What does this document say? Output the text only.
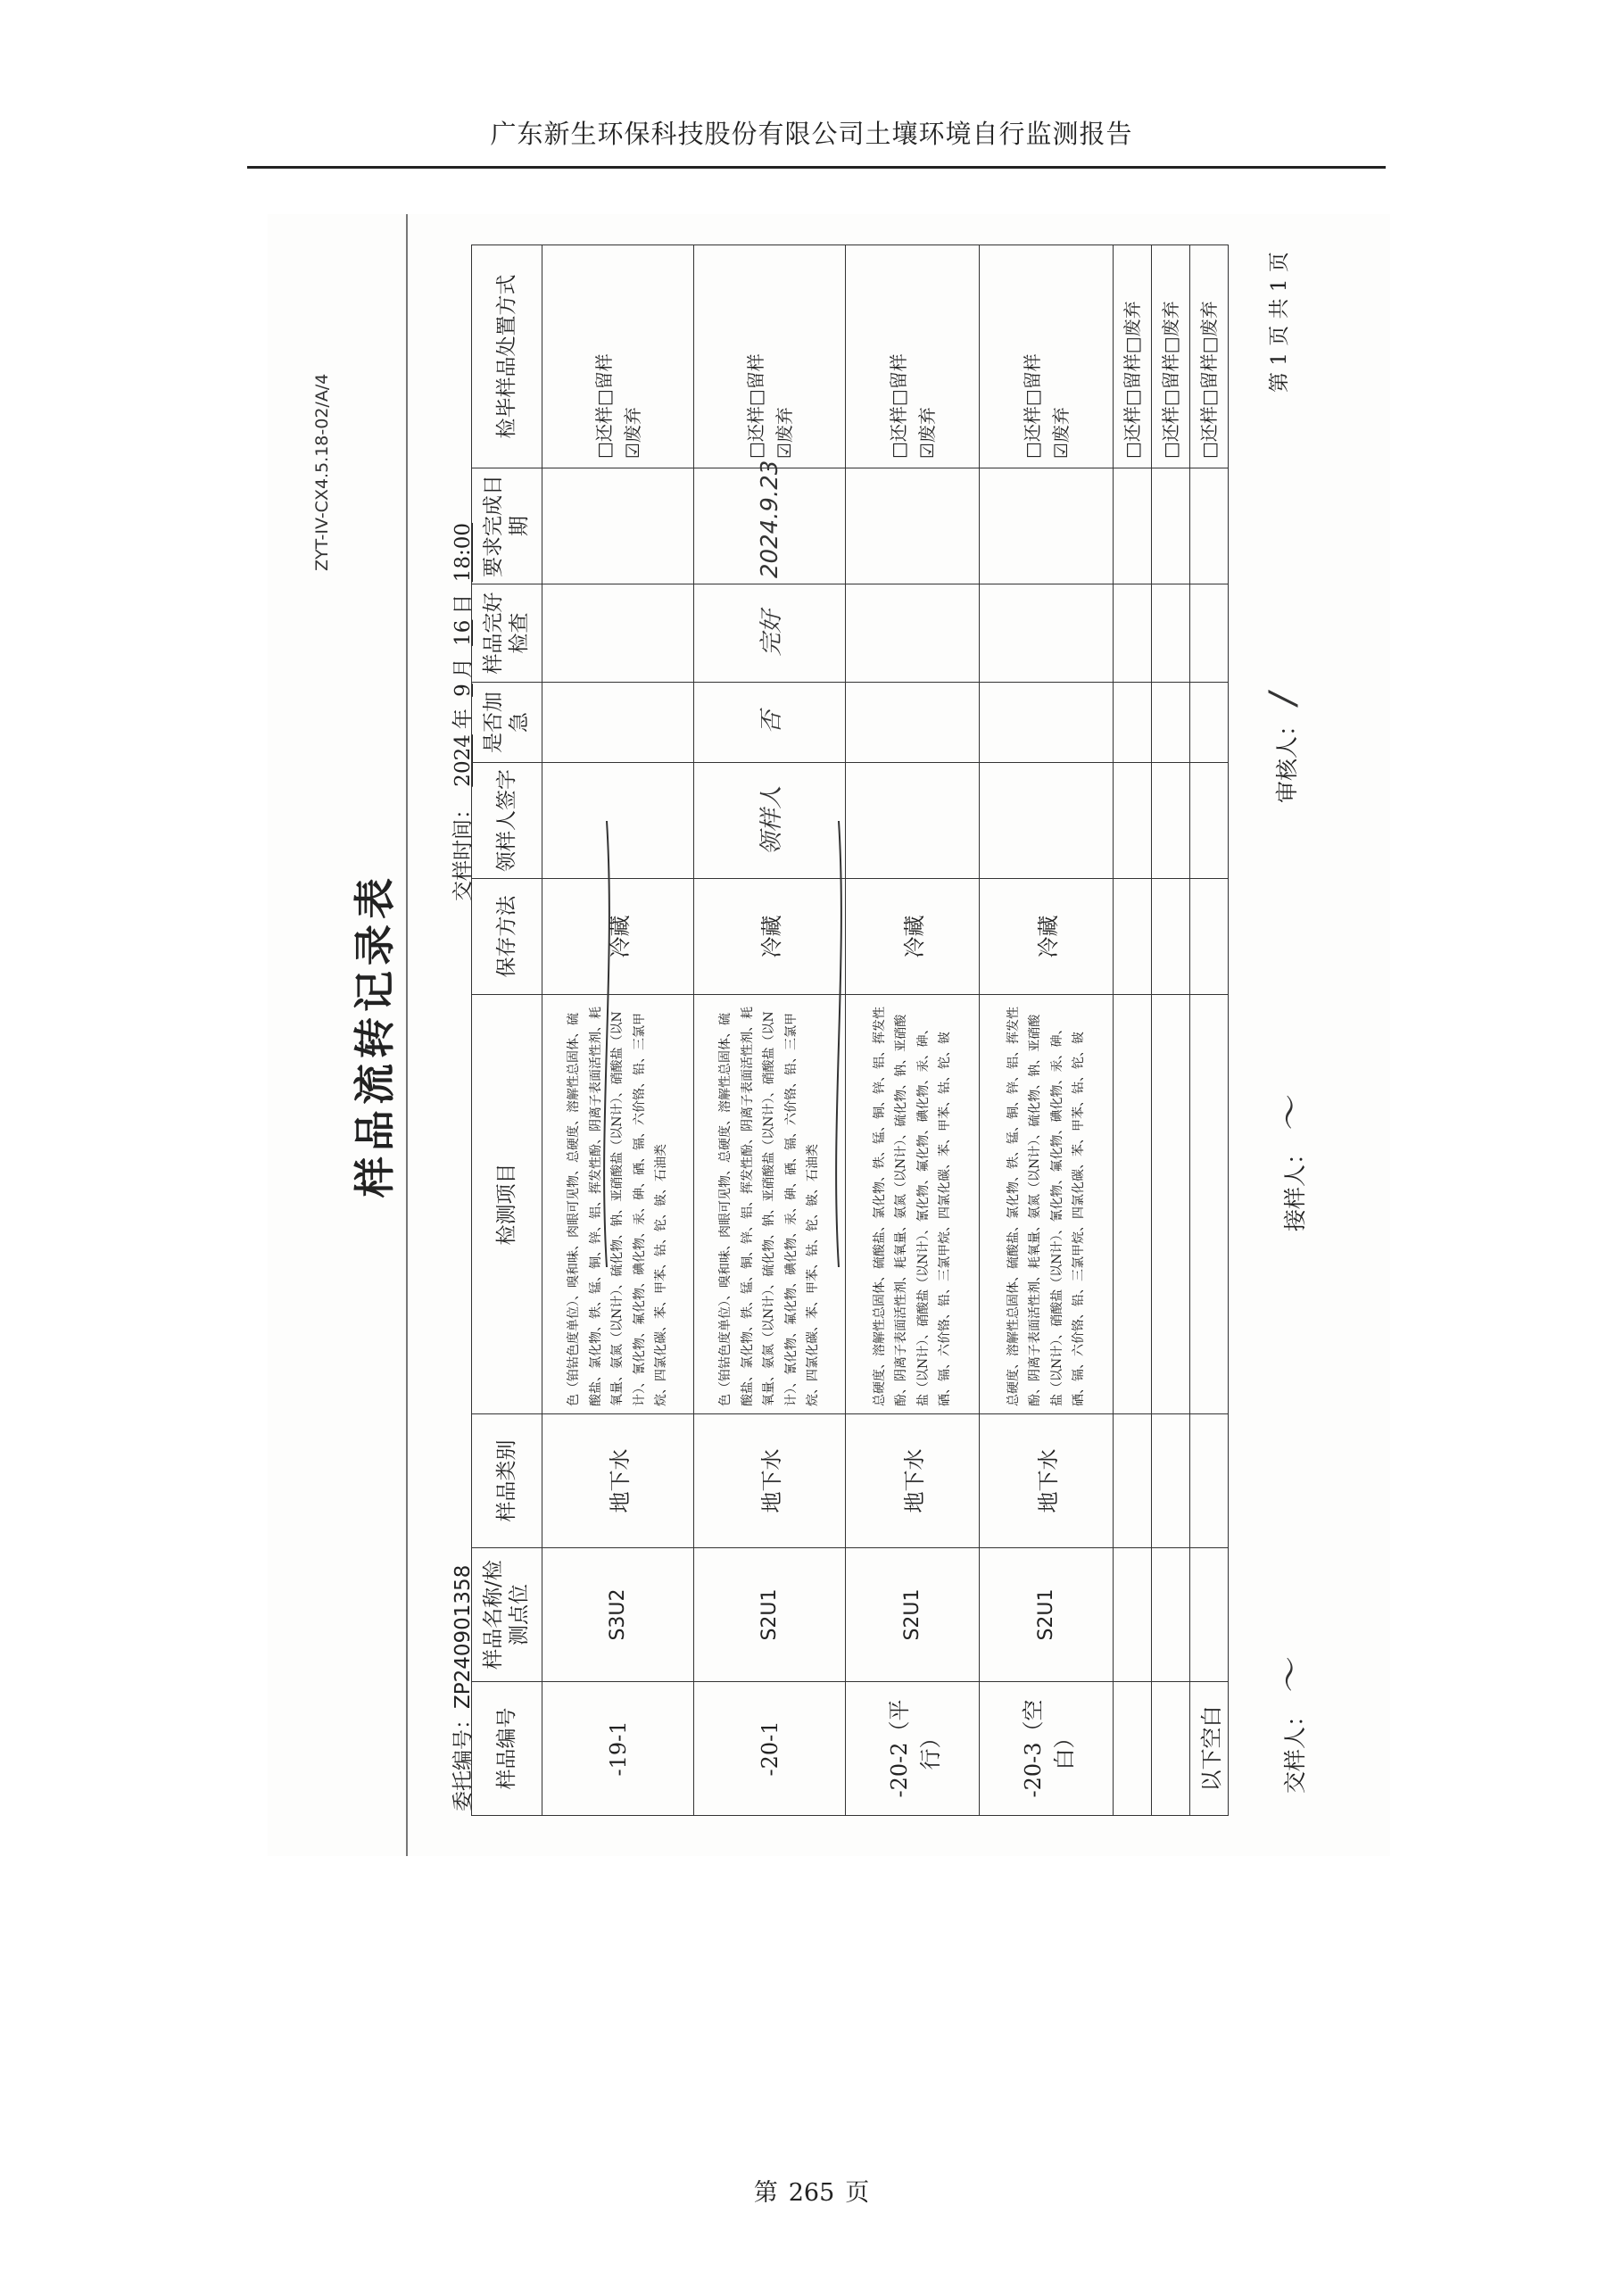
广东新生环保科技股份有限公司土壤环境自行监测报告
ZYT-IV-CX4.5.18-02/A/4
样品流转记录表
委托编号：ZP240901358
交样时间： 2024年 9月 16日 18:00
样品编号	样品名称/检测点位	样品类别	检测项目	保存方法	领样人签字	是否加急	样品完好检查	要求完成日期	检毕样品处置方式
-19-1	S3U2	地下水	色（铂钴色度单位）、嗅和味、肉眼可见物、总硬度、溶解性总固体、硫酸盐、氯化物、铁、锰、铜、锌、铝、挥发性酚、阴离子表面活性剂、耗氧量、氨氮（以N计）、硫化物、钠、亚硝酸盐（以N计）、硝酸盐（以N计）、氰化物、氟化物、碘化物、汞、砷、硒、镉、六价铬、铅、三氯甲烷、四氯化碳、苯、甲苯、钴、铊、铍、石油类	冷藏					□还样□留样 ☑废弃

-20-1	S2U1	地下水	色（铂钴色度单位）、嗅和味、肉眼可见物、总硬度、溶解性总固体、硫酸盐、氯化物、铁、锰、铜、锌、铝、挥发性酚、阴离子表面活性剂、耗氧量、氨氮（以N计）、硫化物、钠、亚硝酸盐（以N计）、硝酸盐（以N计）、氰化物、氟化物、碘化物、汞、砷、硒、镉、六价铬、铅、三氯甲烷、四氯化碳、苯、甲苯、钴、铊、铍、石油类	冷藏	领样人	否	完好	2024.9.23	□还样□留样 ☑废弃

-20-2（平行）	S2U1	地下水	总硬度、溶解性总固体、硫酸盐、氯化物、铁、锰、铜、锌、铝、挥发性酚、阴离子表面活性剂、耗氧量、氨氮（以N计）、硫化物、钠、亚硝酸盐（以N计）、硝酸盐（以N计）、氰化物、氟化物、碘化物、汞、砷、硒、镉、六价铬、铅、三氯甲烷、四氯化碳、苯、甲苯、钴、铊、铍	冷藏					□还样□留样 ☑废弃

-20-3（空白）	S2U1	地下水	总硬度、溶解性总固体、硫酸盐、氯化物、铁、锰、铜、锌、铝、挥发性酚、阴离子表面活性剂、耗氧量、氨氮（以N计）、硫化物、钠、亚硝酸盐（以N计）、硝酸盐（以N计）、氰化物、氟化物、碘化物、汞、砷、硒、镉、六价铬、铅、三氯甲烷、四氯化碳、苯、甲苯、钴、铊、铍	冷藏					□还样□留样 ☑废弃

									□还样□留样□废弃
									□还样□留样□废弃
以下空白									□还样□留样□废弃
交样人：〜
接样人：〜
审核人：/
第 1 页 共 1 页
第 265 页
